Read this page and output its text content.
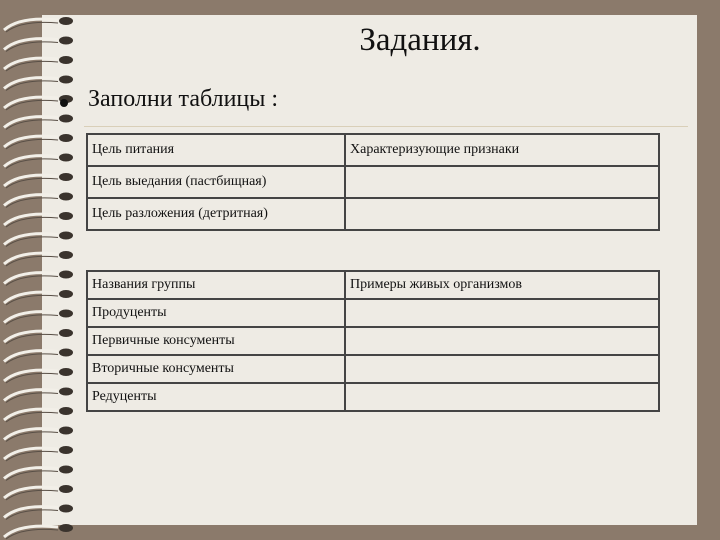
Задания.
Заполни таблицы :
Цель питания	Характеризующие признаки
Цель выедания (пастбищная)	
Цель разложения (детритная)	
Названия группы	Примеры живых организмов
Продуценты	
Первичные консументы	
Вторичные консументы	
Редуценты	
